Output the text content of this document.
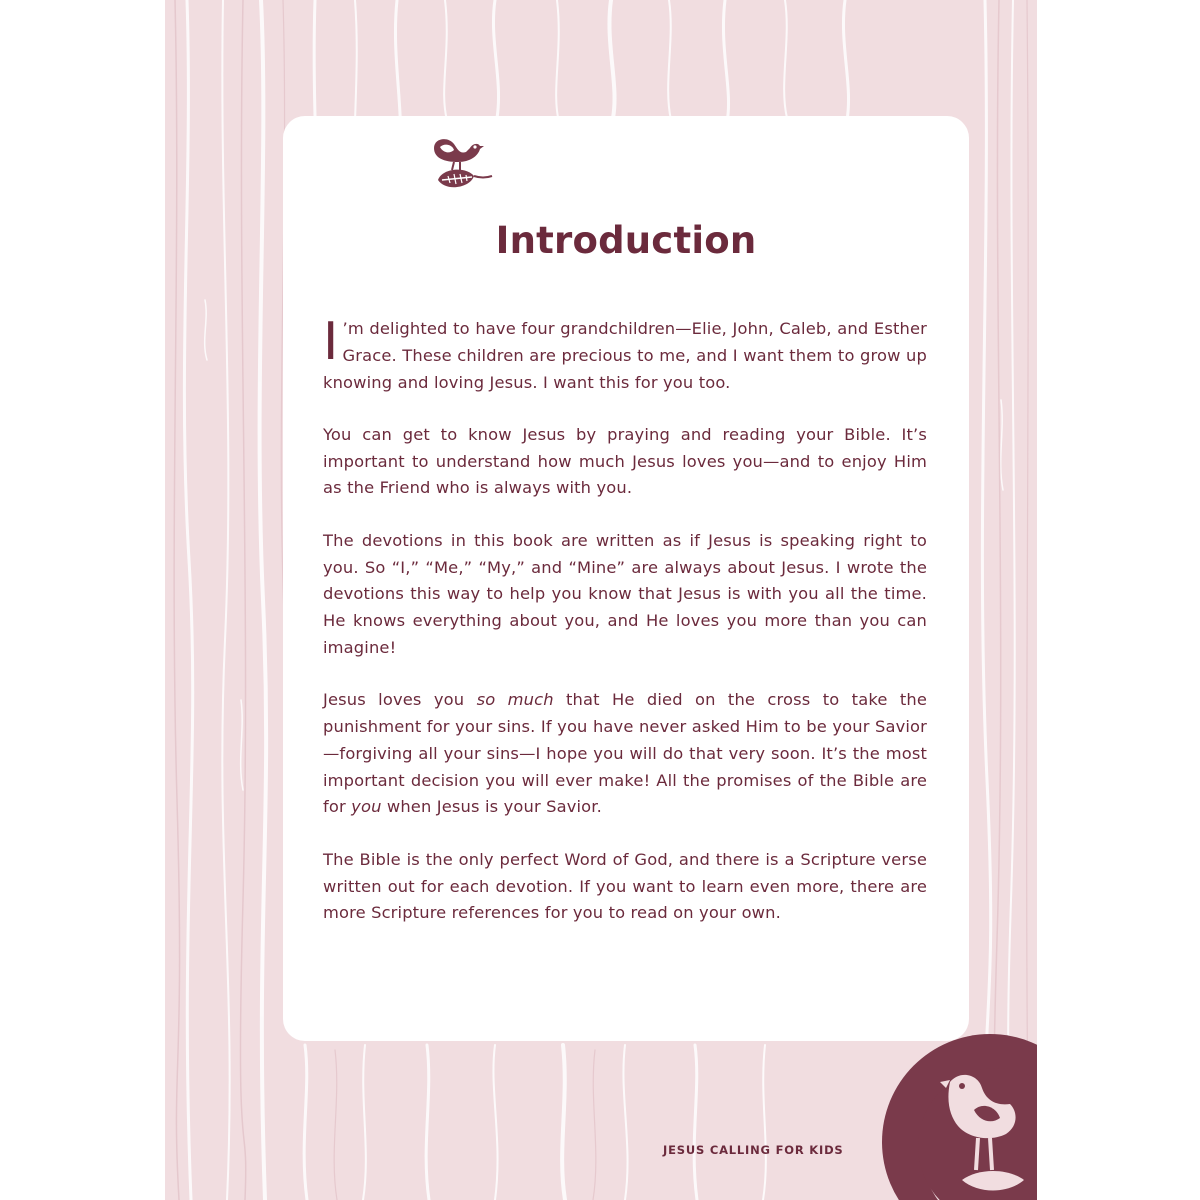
Introduction

I ’m delighted to have four grandchildren—Elie, John, Caleb, and Esther Grace. These children are precious to me, and I want them to grow up knowing and loving Jesus. I want this for you too.

You can get to know Jesus by praying and reading your Bible. It’s important to understand how much Jesus loves you—and to enjoy Him as the Friend who is always with you.

The devotions in this book are written as if Jesus is speaking right to you. So “I,” “Me,” “My,” and “Mine” are always about Jesus. I wrote the devotions this way to help you know that Jesus is with you all the time. He knows everything about you, and He loves you more than you can imagine!

Jesus loves you so much that He died on the cross to take the punishment for your sins. If you have never asked Him to be your Savior—forgiving all your sins—I hope you will do that very soon. It’s the most important decision you will ever make! All the promises of the Bible are for you when Jesus is your Savior.

The Bible is the only perfect Word of God, and there is a Scripture verse written out for each devotion. If you want to learn even more, there are more Scripture references for you to read on your own.

JESUS CALLING FOR KIDS
